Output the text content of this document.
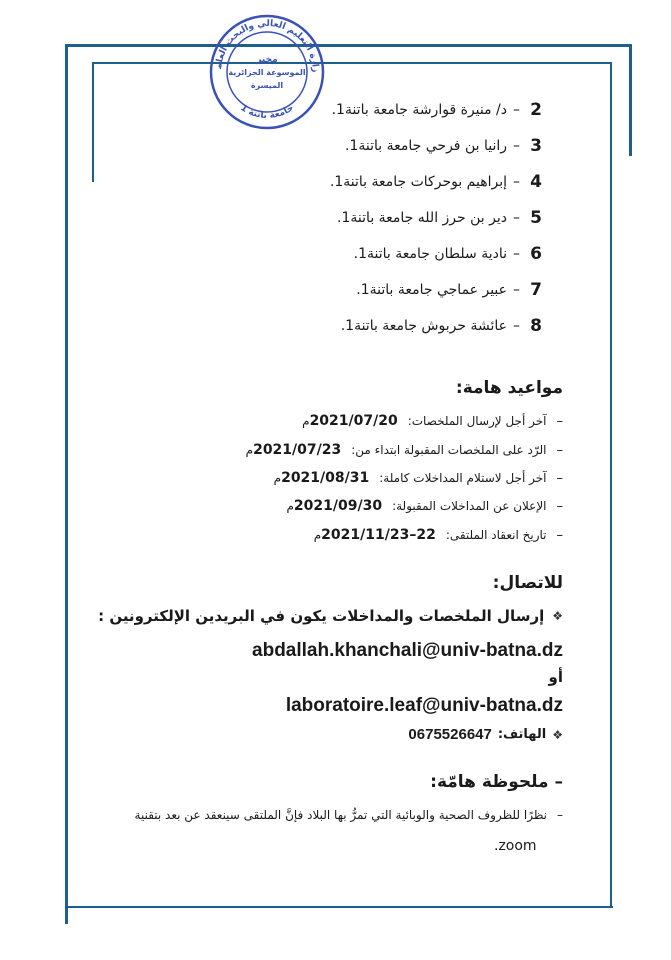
زارة التعليم العالي والبحث العلم
جامعة باتنة 1
مخبر
الموسوعة الجزائرية
الميسرة
2
–
د/ منيرة قوارشة جامعة باتنة1.
3
–
رانيا بن فرحي جامعة باتنة1.
4
–
إبراهيم بوحركات جامعة باتنة1.
5
–
دير بن حرز الله جامعة باتنة1.
6
–
نادية سلطان جامعة باتنة1.
7
–
عبير عماجي جامعة باتنة1.
8
–
عائشة حربوش جامعة باتنة1.
مواعيد هامة:
–
آخر أجل لإرسال الملخصات:
2021/07/20م
–
الرّد على الملخصات المقبولة ابتداء من:
2021/07/23م
–
آخر أجل لاستلام المداخلات كاملة:
2021/08/31م
–
الإعلان عن المداخلات المقبولة:
2021/09/30م
–
تاريخ انعقاد الملتقى:
22–2021/11/23م
للاتصال:
❖
إرسال الملخصات والمداخلات يكون في البريدين الإلكترونين :
abdallah.khanchali@univ-batna.dz
أو
laboratoire.leaf@univ-batna.dz
❖
الهاتف:
0675526647
– ملحوظة هامّة:
–
نظرًا للظروف الصحية والوبائية التي تمرُّ بها البلاد فإنَّ الملتقى سينعقد عن بعد بتقنية
.zoom
